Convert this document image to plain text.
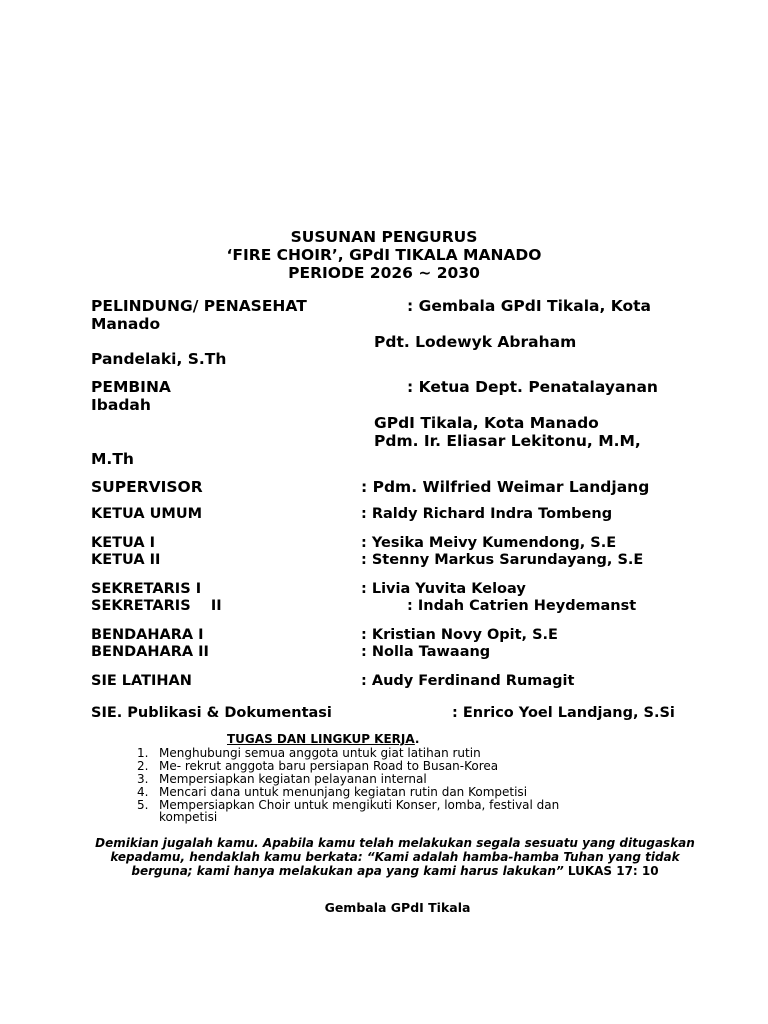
SUSUNAN PENGURUS
‘FIRE CHOIR’, GPdI TIKALA MANADO
PERIODE 2026 ~ 2030
PELINDUNG/ PENASEHAT	: Gembala GPdI Tikala, Kota
Manado
Pdt. Lodewyk Abraham
Pandelaki, S.Th
PEMBINA	: Ketua Dept. Penatalayanan
Ibadah
GPdI Tikala, Kota Manado
Pdm. Ir. Eliasar Lekitonu, M.M,
M.Th
SUPERVISOR	: Pdm. Wilfried Weimar Landjang
KETUA UMUM	: Raldy Richard Indra Tombeng
KETUA I	: Yesika Meivy Kumendong, S.E
KETUA II	: Stenny Markus Sarundayang, S.E
SEKRETARIS I	: Livia Yuvita Keloay
SEKRETARIS    II	: Indah Catrien Heydemanst
BENDAHARA I	: Kristian Novy Opit, S.E
BENDAHARA II	: Nolla Tawaang
SIE LATIHAN	: Audy Ferdinand Rumagit
SIE. Publikasi & Dokumentasi	: Enrico Yoel Landjang, S.Si
TUGAS DAN LINGKUP KERJA.
1. Menghubungi semua anggota untuk giat latihan rutin
2. Me- rekrut anggota baru persiapan Road to Busan-Korea
3. Mempersiapkan kegiatan pelayanan internal
4. Mencari dana untuk menunjang kegiatan rutin dan Kompetisi
5. Mempersiapkan Choir untuk mengikuti Konser, lomba, festival dan
kompetisi
Demikian jugalah kamu. Apabila kamu telah melakukan segala sesuatu yang ditugaskan kepadamu, hendaklah kamu berkata: “Kami adalah hamba-hamba Tuhan yang tidak berguna; kami hanya melakukan apa yang kami harus lakukan” LUKAS 17: 10
Gembala GPdI Tikala
